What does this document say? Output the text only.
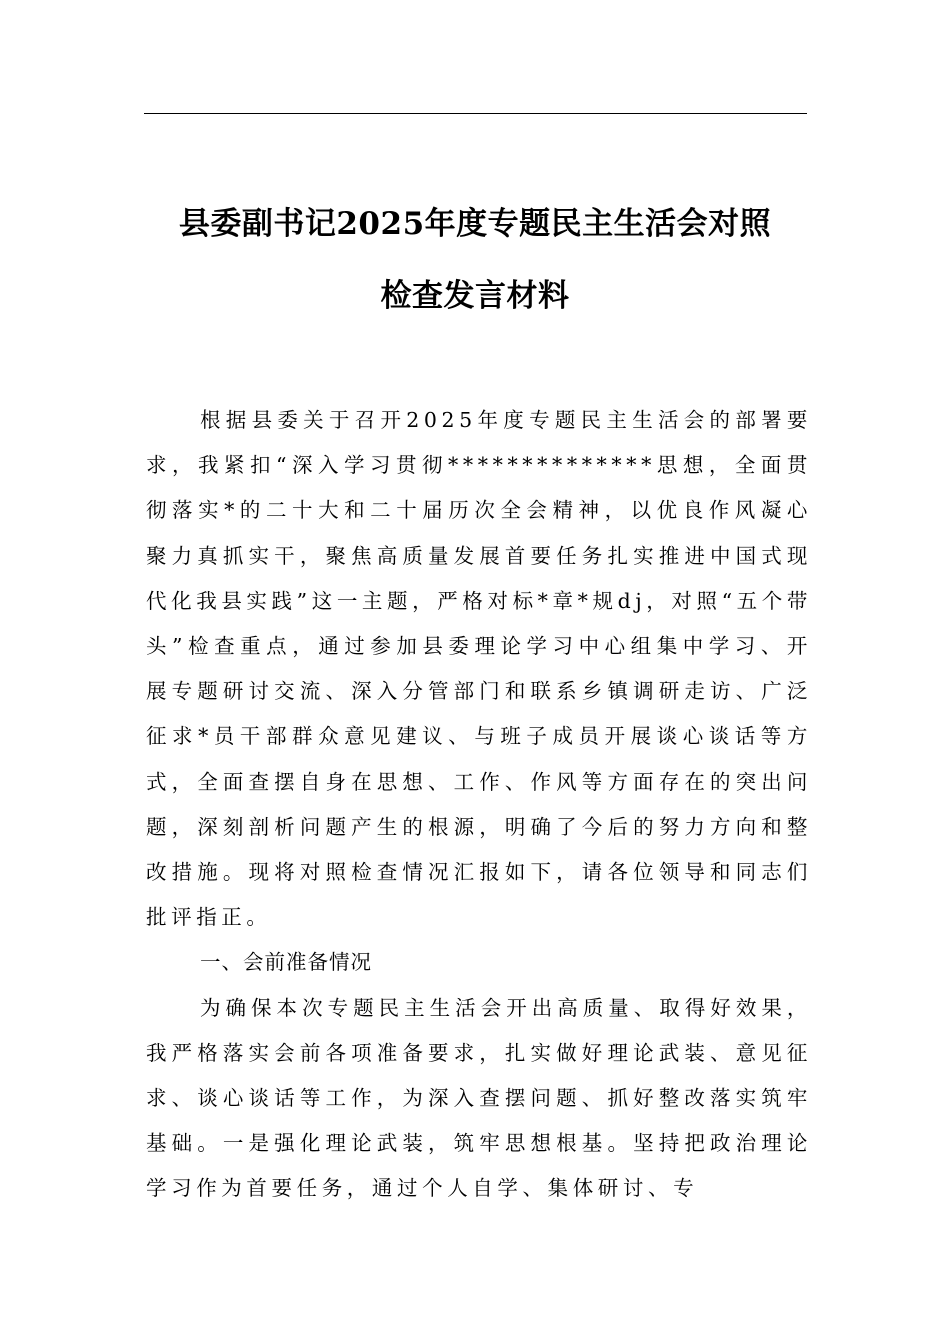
县委副书记2025年度专题民主生活会对照
检查发言材料

根据县委关于召开2025年度专题民主生活会的部署要求，我紧扣“深入学习贯彻**************思想，全面贯彻落实*的二十大和二十届历次全会精神，以优良作风凝心聚力真抓实干，聚焦高质量发展首要任务扎实推进中国式现代化我县实践”这一主题，严格对标*章*规dj，对照“五个带头”检查重点，通过参加县委理论学习中心组集中学习、开展专题研讨交流、深入分管部门和联系乡镇调研走访、广泛征求*员干部群众意见建议、与班子成员开展谈心谈话等方式，全面查摆自身在思想、工作、作风等方面存在的突出问题，深刻剖析问题产生的根源，明确了今后的努力方向和整改措施。现将对照检查情况汇报如下，请各位领导和同志们批评指正。

一、会前准备情况

为确保本次专题民主生活会开出高质量、取得好效果，我严格落实会前各项准备要求，扎实做好理论武装、意见征求、谈心谈话等工作，为深入查摆问题、抓好整改落实筑牢基础。一是强化理论武装，筑牢思想根基。坚持把政治理论学习作为首要任务，通过个人自学、集体研讨、专
